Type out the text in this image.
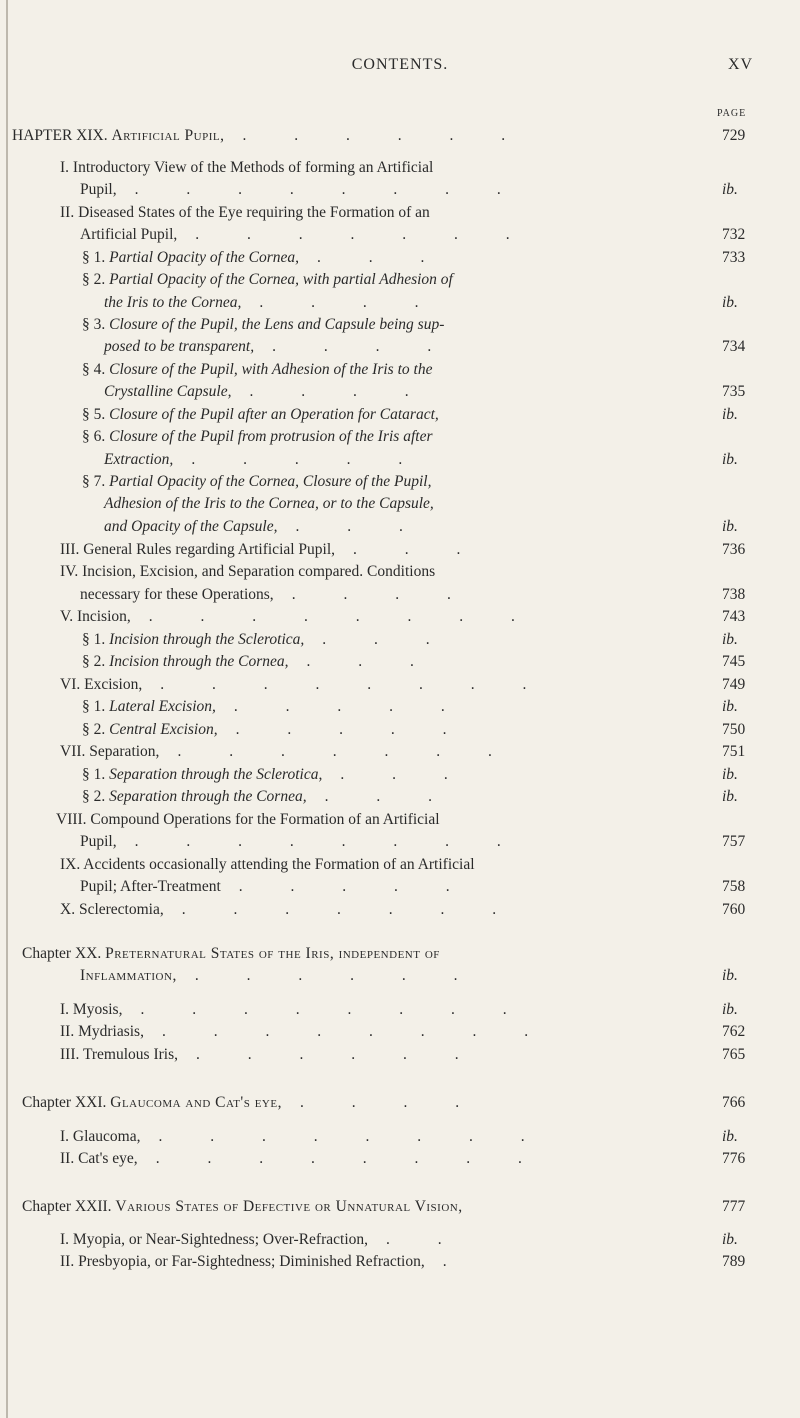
CONTENTS.	XV
PAGE
HAPTER XIX. Artificial Pupil, . . . . . .	729
I. Introductory View of the Methods of forming an Artificial
Pupil, . . . . . . . .	ib.
II. Diseased States of the Eye requiring the Formation of an
Artificial Pupil, . . . . . . .	732
§ 1. Partial Opacity of the Cornea, . . .	733
§ 2. Partial Opacity of the Cornea, with partial Adhesion of
the Iris to the Cornea, . . . .	ib.
§ 3. Closure of the Pupil, the Lens and Capsule being sup-
posed to be transparent, . . . .	734
§ 4. Closure of the Pupil, with Adhesion of the Iris to the
Crystalline Capsule, . . . .	735
§ 5. Closure of the Pupil after an Operation for Cataract,	ib.
§ 6. Closure of the Pupil from protrusion of the Iris after
Extraction, . . . . .	ib.
§ 7. Partial Opacity of the Cornea, Closure of the Pupil,
Adhesion of the Iris to the Cornea, or to the Capsule,
and Opacity of the Capsule, . . .	ib.
III. General Rules regarding Artificial Pupil, . . .	736
IV. Incision, Excision, and Separation compared. Conditions
necessary for these Operations, . . . .	738
V. Incision, . . . . . . . .	743
§ 1. Incision through the Sclerotica, . . .	ib.
§ 2. Incision through the Cornea, . . .	745
VI. Excision, . . . . . . . .	749
§ 1. Lateral Excision, . . . . .	ib.
§ 2. Central Excision, . . . . .	750
VII. Separation, . . . . . . .	751
§ 1. Separation through the Sclerotica, . . .	ib.
§ 2. Separation through the Cornea, . . .	ib.
VIII. Compound Operations for the Formation of an Artificial
Pupil, . . . . . . . .	757
IX. Accidents occasionally attending the Formation of an Artificial
Pupil; After-Treatment . . . . .	758
X. Sclerectomia, . . . . . . .	760
Chapter XX. Preternatural States of the Iris, independent of
Inflammation, . . . . . .	ib.
I. Myosis, . . . . . . . .	ib.
II. Mydriasis, . . . . . . . .	762
III. Tremulous Iris, . . . . . .	765
Chapter XXI. Glaucoma and Cat's eye, . . . .	766
I. Glaucoma, . . . . . . . .	ib.
II. Cat's eye, . . . . . . . .	776
Chapter XXII. Various States of Defective or Unnatural Vision,	777
I. Myopia, or Near-Sightedness; Over-Refraction, . .	ib.
II. Presbyopia, or Far-Sightedness; Diminished Refraction, .	789
